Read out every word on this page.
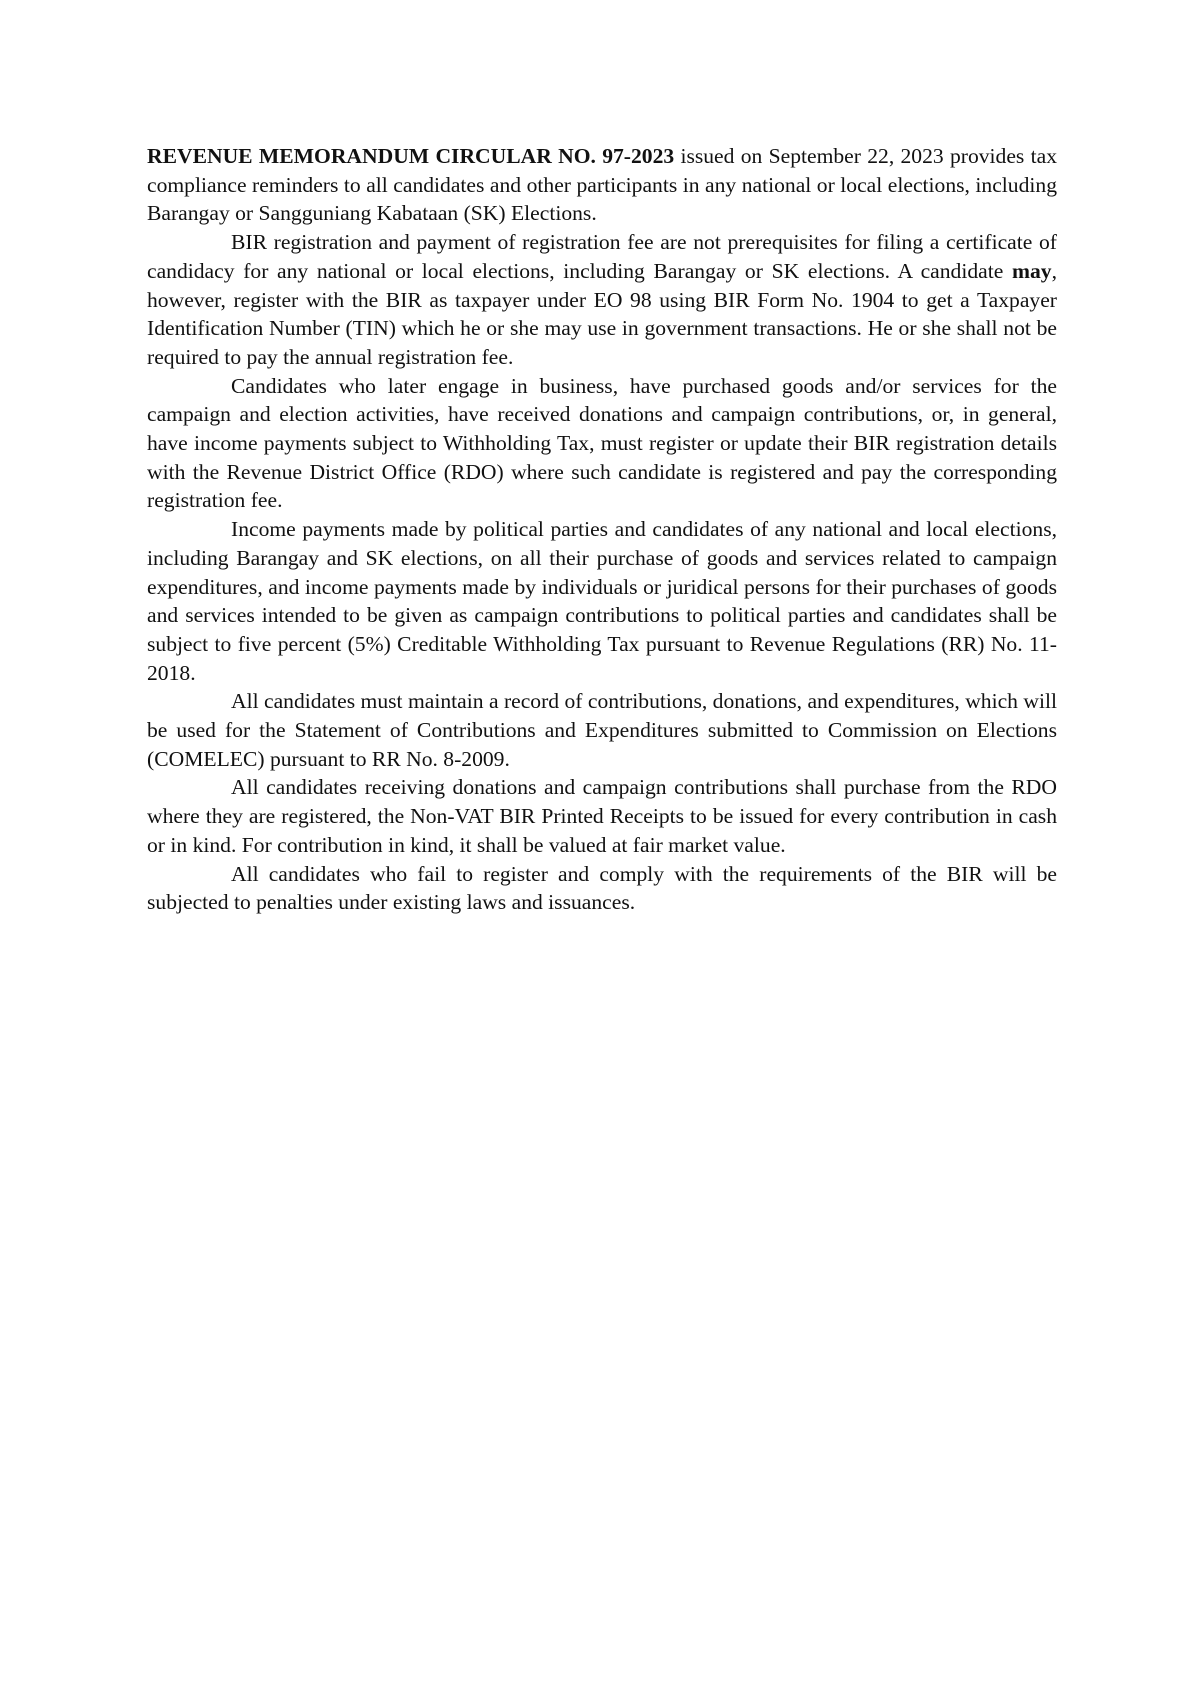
REVENUE MEMORANDUM CIRCULAR NO. 97-2023 issued on September 22, 2023 provides tax compliance reminders to all candidates and other participants in any national or local elections, including Barangay or Sangguniang Kabataan (SK) Elections.

BIR registration and payment of registration fee are not prerequisites for filing a certificate of candidacy for any national or local elections, including Barangay or SK elections. A candidate may, however, register with the BIR as taxpayer under EO 98 using BIR Form No. 1904 to get a Taxpayer Identification Number (TIN) which he or she may use in government transactions. He or she shall not be required to pay the annual registration fee.

Candidates who later engage in business, have purchased goods and/or services for the campaign and election activities, have received donations and campaign contributions, or, in general, have income payments subject to Withholding Tax, must register or update their BIR registration details with the Revenue District Office (RDO) where such candidate is registered and pay the corresponding registration fee.

Income payments made by political parties and candidates of any national and local elections, including Barangay and SK elections, on all their purchase of goods and services related to campaign expenditures, and income payments made by individuals or juridical persons for their purchases of goods and services intended to be given as campaign contributions to political parties and candidates shall be subject to five percent (5%) Creditable Withholding Tax pursuant to Revenue Regulations (RR) No. 11-2018.

All candidates must maintain a record of contributions, donations, and expenditures, which will be used for the Statement of Contributions and Expenditures submitted to Commission on Elections (COMELEC) pursuant to RR No. 8-2009.

All candidates receiving donations and campaign contributions shall purchase from the RDO where they are registered, the Non-VAT BIR Printed Receipts to be issued for every contribution in cash or in kind. For contribution in kind, it shall be valued at fair market value.

All candidates who fail to register and comply with the requirements of the BIR will be subjected to penalties under existing laws and issuances.
